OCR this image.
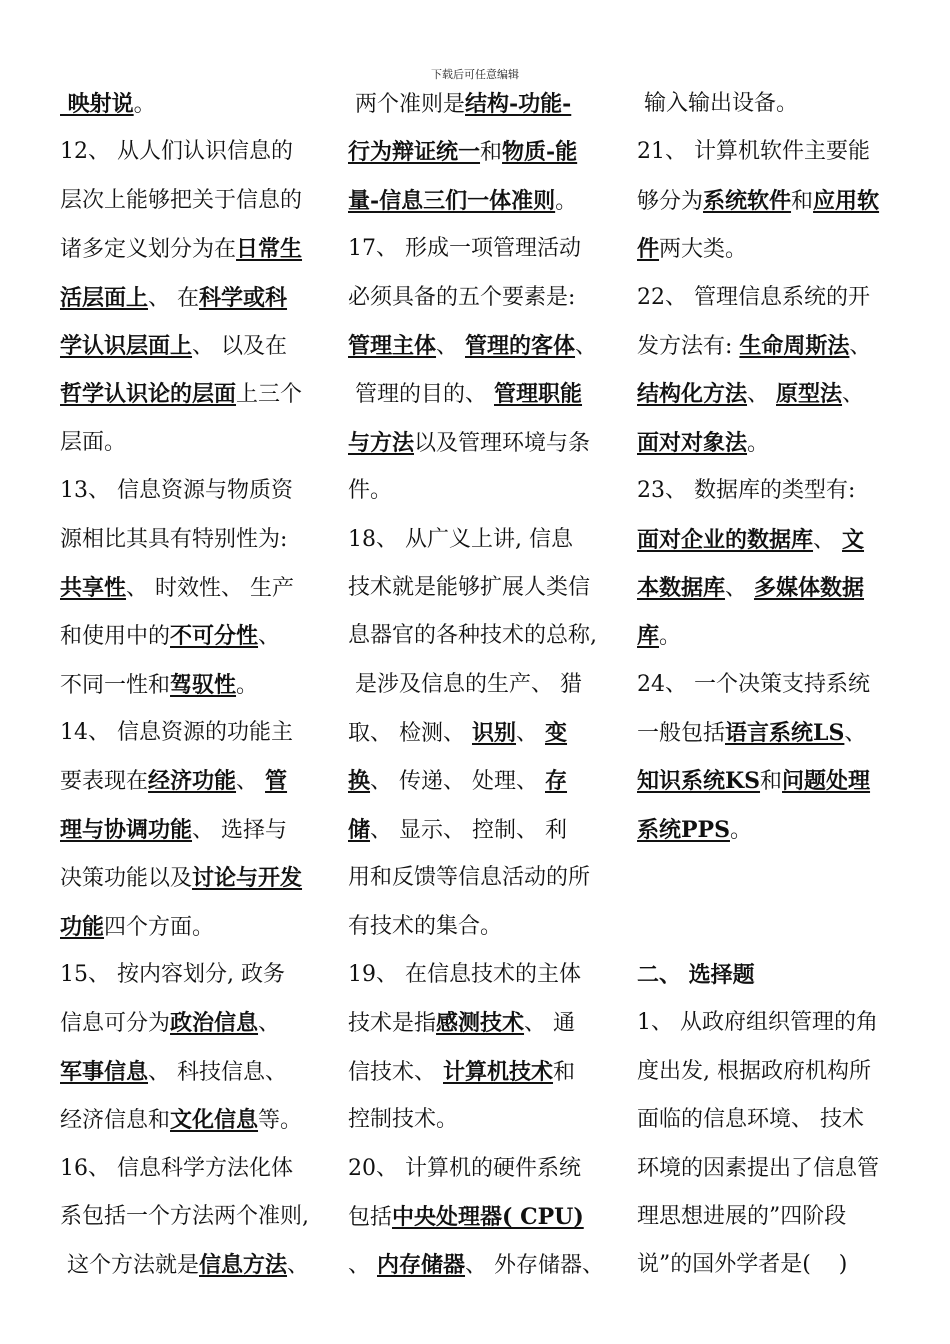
下载后可任意编辑
映射说。
12、 从人们认识信息的
层次上能够把关于信息的
诸多定义划分为在日常生
活层面上、 在科学或科
学认识层面上、 以及在
哲学认识论的层面上三个
层面。
13、 信息资源与物质资
源相比其具有特别性为:
共享性、 时效性、 生产
和使用中的不可分性、
不同一性和驾驭性。
14、 信息资源的功能主
要表现在经济功能、 管
理与协调功能、 选择与
决策功能以及讨论与开发
功能四个方面。
15、 按内容划分, 政务
信息可分为政治信息、
军事信息、 科技信息、
经济信息和文化信息等。
16、 信息科学方法化体
系包括一个方法两个准则,
这个方法就是信息方法、
两个准则是结构-功能-
行为辩证统一和物质-能
量-信息三们一体准则。
17、 形成一项管理活动
必须具备的五个要素是:
管理主体、 管理的客体、
管理的目的、 管理职能
与方法以及管理环境与条
件。
18、 从广义上讲, 信息
技术就是能够扩展人类信
息器官的各种技术的总称,
是涉及信息的生产、 猎
取、 检测、 识别、 变
换、 传递、 处理、 存
储、 显示、 控制、 利
用和反馈等信息活动的所
有技术的集合。
19、 在信息技术的主体
技术是指感测技术、 通
信技术、 计算机技术和
控制技术。
20、 计算机的硬件系统
包括中央处理器( CPU)
、 内存储器、 外存储器、
输入输出设备。
21、 计算机软件主要能
够分为系统软件和应用软
件两大类。
22、 管理信息系统的开
发方法有: 生命周斯法、
结构化方法、 原型法、
面对对象法。
23、 数据库的类型有:
面对企业的数据库、 文
本数据库、 多媒体数据
库。
24、 一个决策支持系统
一般包括语言系统LS、
知识系统KS和问题处理
系统PPS。
二、 选择题
1、 从政府组织管理的角
度出发, 根据政府机构所
面临的信息环境、 技术
环境的因素提出了信息管
理思想进展的”四阶段
说”的国外学者是(    )
